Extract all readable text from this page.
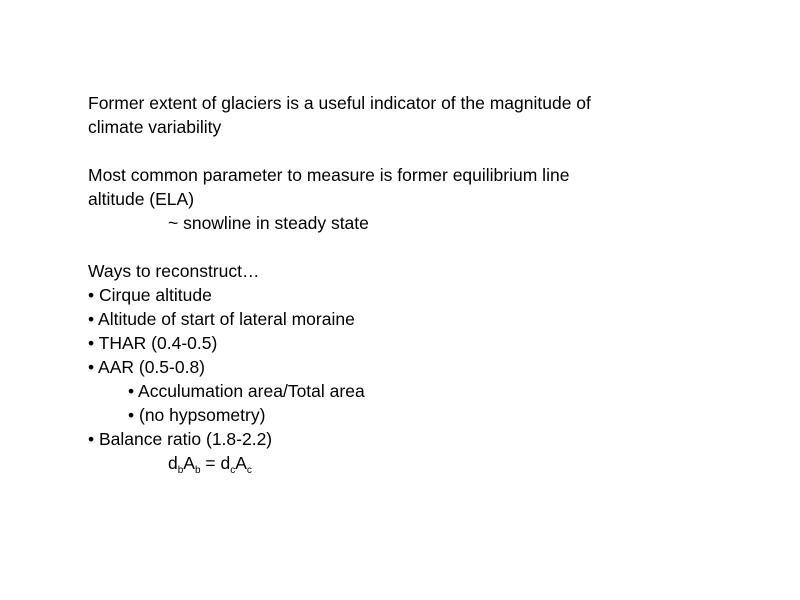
Former extent of glaciers is a useful indicator of the magnitude of
climate variability
Most common parameter to measure is former equilibrium line
altitude (ELA)
~ snowline in steady state
Ways to reconstruct…
• Cirque altitude
• Altitude of start of lateral moraine
• THAR (0.4-0.5)
• AAR (0.5-0.8)
• Acculumation area/Total area
• (no hypsometry)
• Balance ratio (1.8-2.2)
$d_bA_b = d_cA_c$
